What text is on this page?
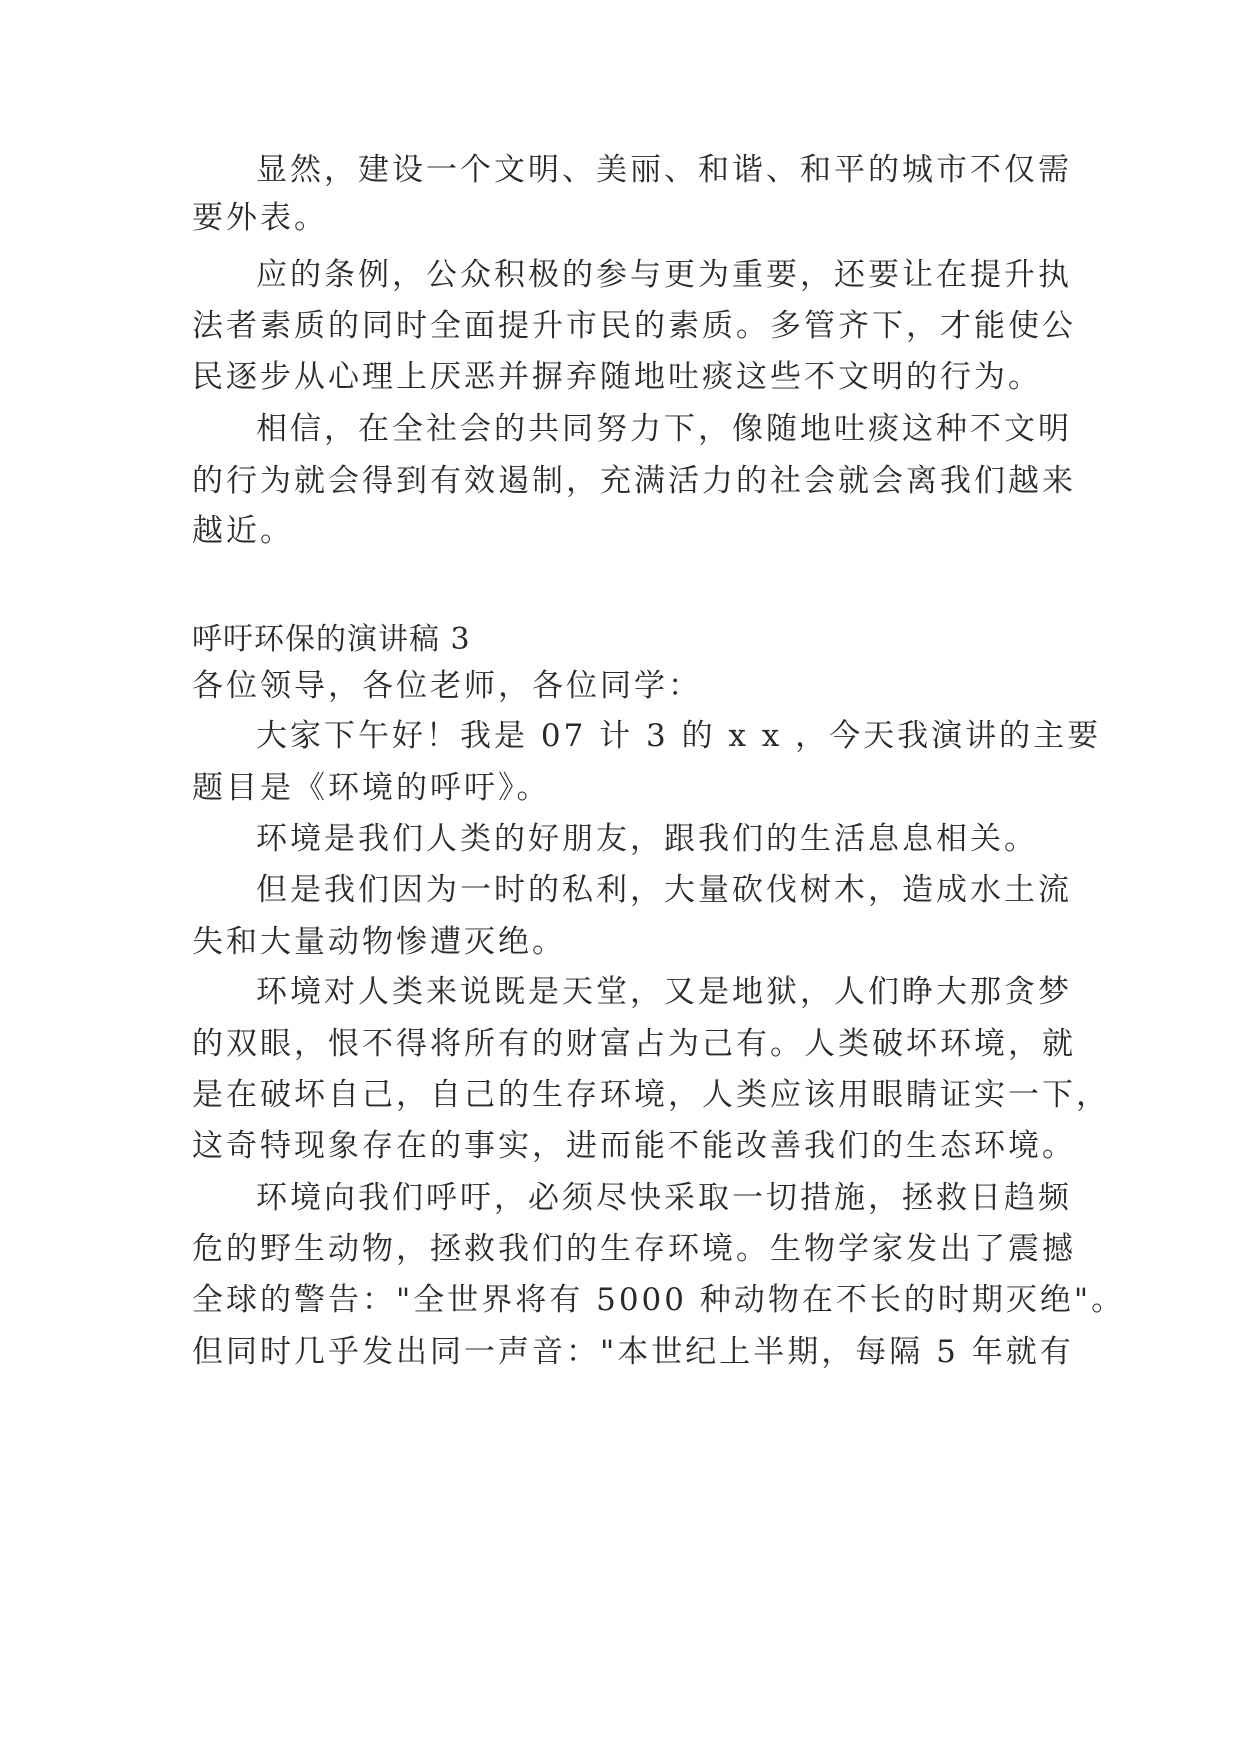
显然，建设一个文明、美丽、和谐、和平的城市不仅需
要外表。
应的条例，公众积极的参与更为重要，还要让在提升执
法者素质的同时全面提升市民的素质。多管齐下，才能使公
民逐步从心理上厌恶并摒弃随地吐痰这些不文明的行为。
相信，在全社会的共同努力下，像随地吐痰这种不文明
的行为就会得到有效遏制，充满活力的社会就会离我们越来
越近。
呼吁环保的演讲稿 3
各位领导，各位老师，各位同学：
大家下午好！我是 07 计 3 的 x x ，今天我演讲的主要
题目是《环境的呼吁》。
环境是我们人类的好朋友，跟我们的生活息息相关。
但是我们因为一时的私利，大量砍伐树木，造成水土流
失和大量动物惨遭灭绝。
环境对人类来说既是天堂，又是地狱，人们睁大那贪梦
的双眼，恨不得将所有的财富占为己有。人类破坏环境，就
是在破坏自己，自己的生存环境，人类应该用眼睛证实一下，
这奇特现象存在的事实，进而能不能改善我们的生态环境。
环境向我们呼吁，必须尽快采取一切措施，拯救日趋频
危的野生动物，拯救我们的生存环境。生物学家发出了震撼
全球的警告："全世界将有 5000 种动物在不长的时期灭绝"。
但同时几乎发出同一声音："本世纪上半期，每隔 5 年就有
